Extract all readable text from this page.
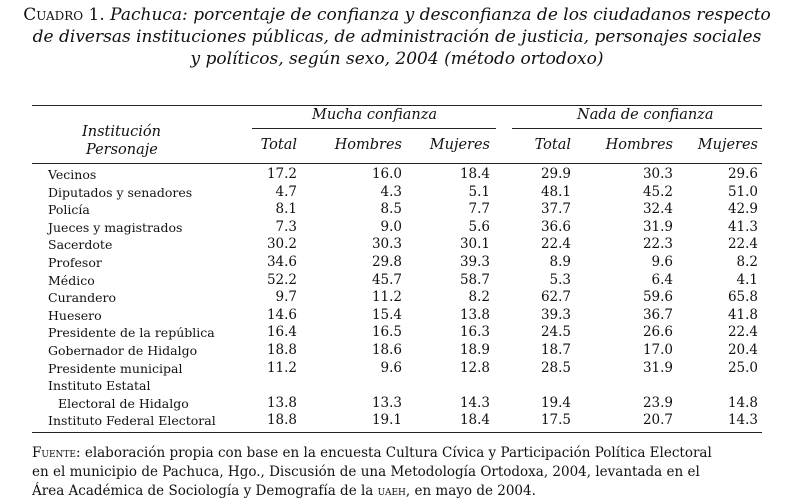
Cuadro 1. Pachuca: porcentaje de confianza y desconfianza de los ciudadanos respecto
de diversas instituciones públicas, de administración de justicia, personajes sociales
y políticos, según sexo, 2004 (método ortodoxo)
Institución
Personaje
Mucha confianza	Nada de confianza
Total	Hombres	Mujeres	Total	Hombres	Mujeres
Vecinos	17.2	16.0	18.4	29.9	30.3	29.6
Diputados y senadores	4.7	4.3	5.1	48.1	45.2	51.0
Policía	8.1	8.5	7.7	37.7	32.4	42.9
Jueces y magistrados	7.3	9.0	5.6	36.6	31.9	41.3
Sacerdote	30.2	30.3	30.1	22.4	22.3	22.4
Profesor	34.6	29.8	39.3	8.9	9.6	8.2
Médico	52.2	45.7	58.7	5.3	6.4	4.1
Curandero	9.7	11.2	8.2	62.7	59.6	65.8
Huesero	14.6	15.4	13.8	39.3	36.7	41.8
Presidente de la república	16.4	16.5	16.3	24.5	26.6	22.4
Gobernador de Hidalgo	18.8	18.6	18.9	18.7	17.0	20.4
Presidente municipal	11.2	9.6	12.8	28.5	31.9	25.0
Instituto Estatal
Electoral de Hidalgo	13.8	13.3	14.3	19.4	23.9	14.8
Instituto Federal Electoral	18.8	19.1	18.4	17.5	20.7	14.3
Fuente: elaboración propia con base en la encuesta Cultura Cívica y Participación Política Electoral
en el municipio de Pachuca, Hgo., Discusión de una Metodología Ortodoxa, 2004, levantada en el
Área Académica de Sociología y Demografía de la uaeh, en mayo de 2004.
